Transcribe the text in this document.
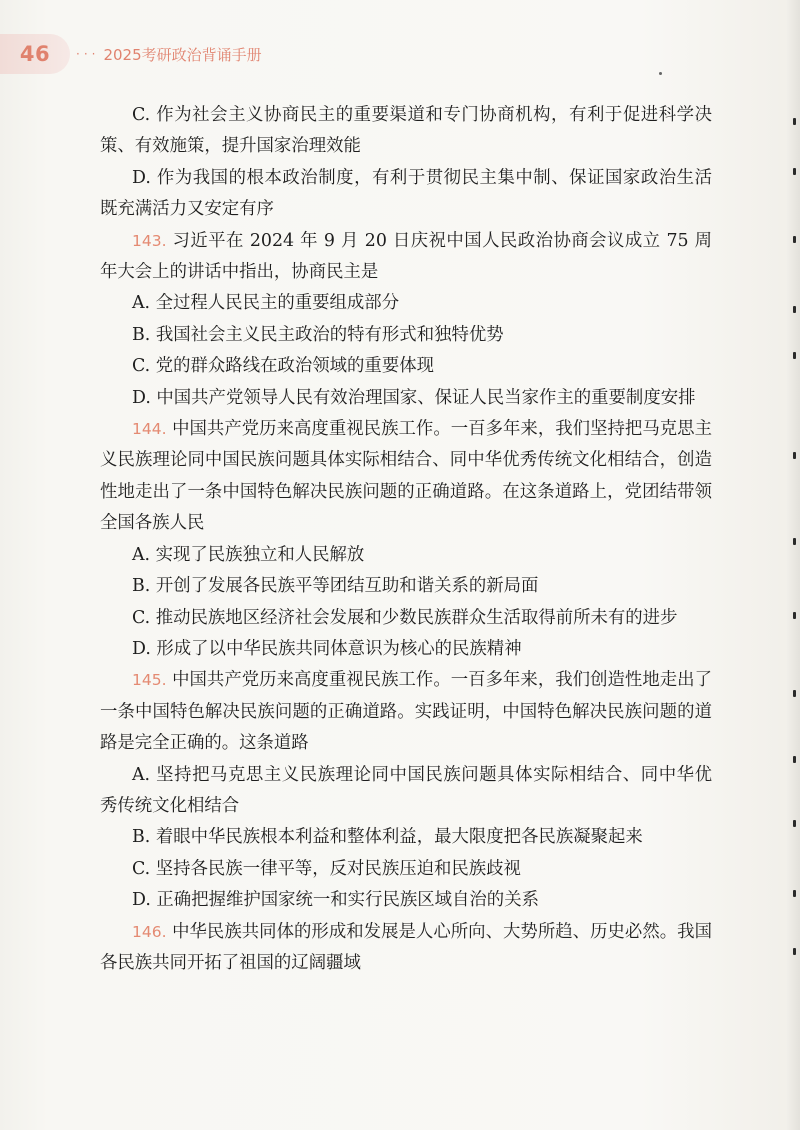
46 ··· 2025考研政治背诵手册

C. 作为社会主义协商民主的重要渠道和专门协商机构，有利于促进科学决策、有效施策，提升国家治理效能

D. 作为我国的根本政治制度，有利于贯彻民主集中制、保证国家政治生活既充满活力又安定有序

143. 习近平在 2024 年 9 月 20 日庆祝中国人民政治协商会议成立 75 周年大会上的讲话中指出，协商民主是

A. 全过程人民民主的重要组成部分

B. 我国社会主义民主政治的特有形式和独特优势

C. 党的群众路线在政治领域的重要体现

D. 中国共产党领导人民有效治理国家、保证人民当家作主的重要制度安排

144. 中国共产党历来高度重视民族工作。一百多年来，我们坚持把马克思主义民族理论同中国民族问题具体实际相结合、同中华优秀传统文化相结合，创造性地走出了一条中国特色解决民族问题的正确道路。在这条道路上，党团结带领全国各族人民

A. 实现了民族独立和人民解放

B. 开创了发展各民族平等团结互助和谐关系的新局面

C. 推动民族地区经济社会发展和少数民族群众生活取得前所未有的进步

D. 形成了以中华民族共同体意识为核心的民族精神

145. 中国共产党历来高度重视民族工作。一百多年来，我们创造性地走出了一条中国特色解决民族问题的正确道路。实践证明，中国特色解决民族问题的道路是完全正确的。这条道路

A. 坚持把马克思主义民族理论同中国民族问题具体实际相结合、同中华优秀传统文化相结合

B. 着眼中华民族根本利益和整体利益，最大限度把各民族凝聚起来

C. 坚持各民族一律平等，反对民族压迫和民族歧视

D. 正确把握维护国家统一和实行民族区域自治的关系

146. 中华民族共同体的形成和发展是人心所向、大势所趋、历史必然。我国各民族共同开拓了祖国的辽阔疆域
